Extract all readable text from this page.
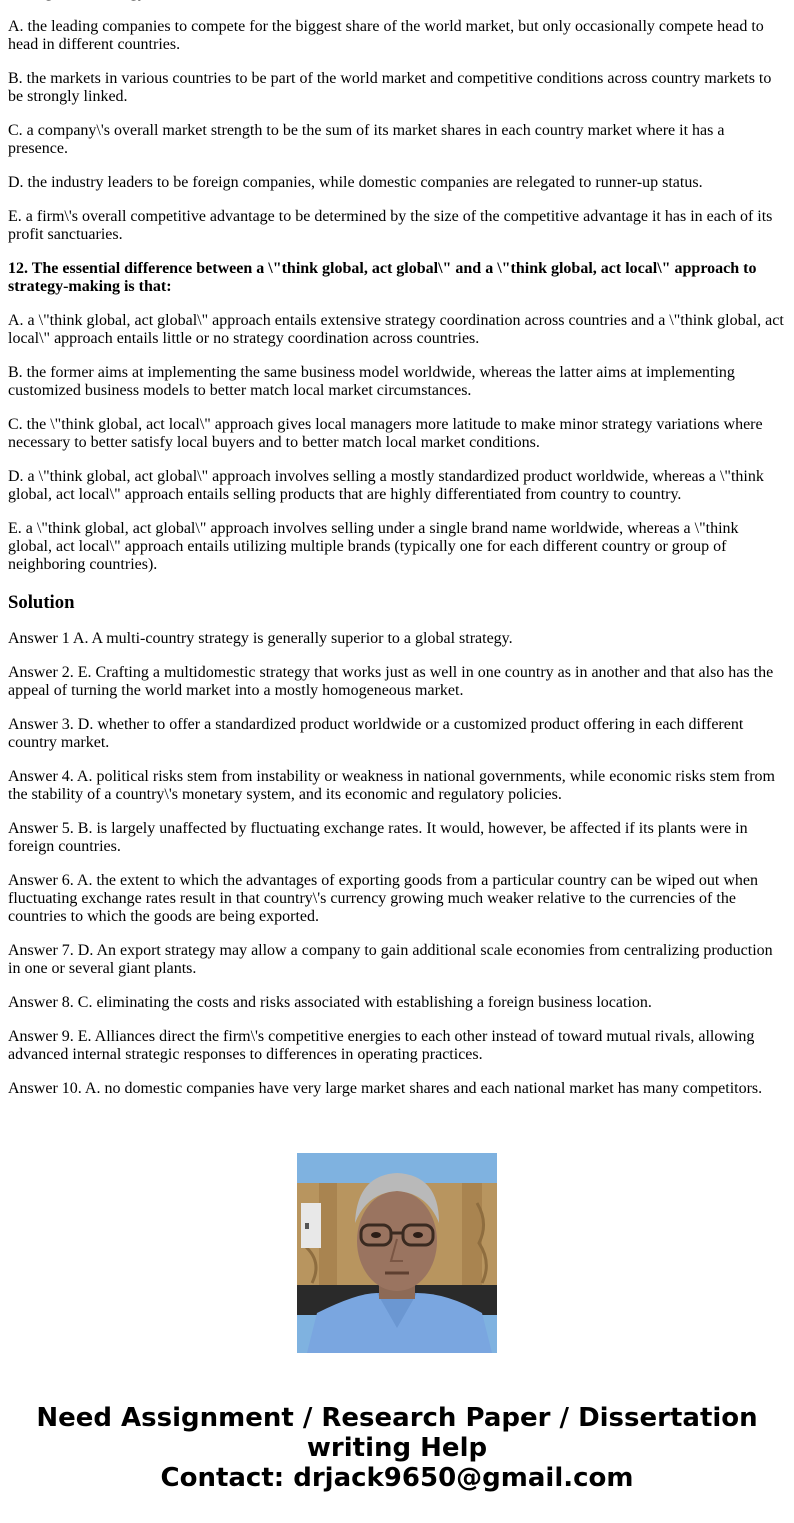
A. the leading companies to compete for the biggest share of the world market, but only occasionally compete head to head in different countries.

B. the markets in various countries to be part of the world market and competitive conditions across country markets to be strongly linked.

C. a company\'s overall market strength to be the sum of its market shares in each country market where it has a presence.

D. the industry leaders to be foreign companies, while domestic companies are relegated to runner-up status.

E. a firm\'s overall competitive advantage to be determined by the size of the competitive advantage it has in each of its profit sanctuaries.

12. The essential difference between a \"think global, act global\" and a \"think global, act local\" approach to strategy-making is that:

A. a \"think global, act global\" approach entails extensive strategy coordination across countries and a \"think global, act local\" approach entails little or no strategy coordination across countries.

B. the former aims at implementing the same business model worldwide, whereas the latter aims at implementing customized business models to better match local market circumstances.

C. the \"think global, act local\" approach gives local managers more latitude to make minor strategy variations where necessary to better satisfy local buyers and to better match local market conditions.

D. a \"think global, act global\" approach involves selling a mostly standardized product worldwide, whereas a \"think global, act local\" approach entails selling products that are highly differentiated from country to country.

E. a \"think global, act global\" approach involves selling under a single brand name worldwide, whereas a \"think global, act local\" approach entails utilizing multiple brands (typically one for each different country or group of neighboring countries).

Solution

Answer 1 A. A multi-country strategy is generally superior to a global strategy.

Answer 2. E. Crafting a multidomestic strategy that works just as well in one country as in another and that also has the appeal of turning the world market into a mostly homogeneous market.

Answer 3. D. whether to offer a standardized product worldwide or a customized product offering in each different country market.

Answer 4. A. political risks stem from instability or weakness in national governments, while economic risks stem from the stability of a country\'s monetary system, and its economic and regulatory policies.

Answer 5. B. is largely unaffected by fluctuating exchange rates. It would, however, be affected if its plants were in foreign countries.

Answer 6. A. the extent to which the advantages of exporting goods from a particular country can be wiped out when fluctuating exchange rates result in that country\'s currency growing much weaker relative to the currencies of the countries to which the goods are being exported.

Answer 7. D. An export strategy may allow a company to gain additional scale economies from centralizing production in one or several giant plants.

Answer 8. C. eliminating the costs and risks associated with establishing a foreign business location.

Answer 9. E. Alliances direct the firm\'s competitive energies to each other instead of toward mutual rivals, allowing advanced internal strategic responses to differences in operating practices.

Answer 10. A. no domestic companies have very large market shares and each national market has many competitors.

Need Assignment / Research Paper / Dissertation
writing Help
Contact: drjack9650@gmail.com
